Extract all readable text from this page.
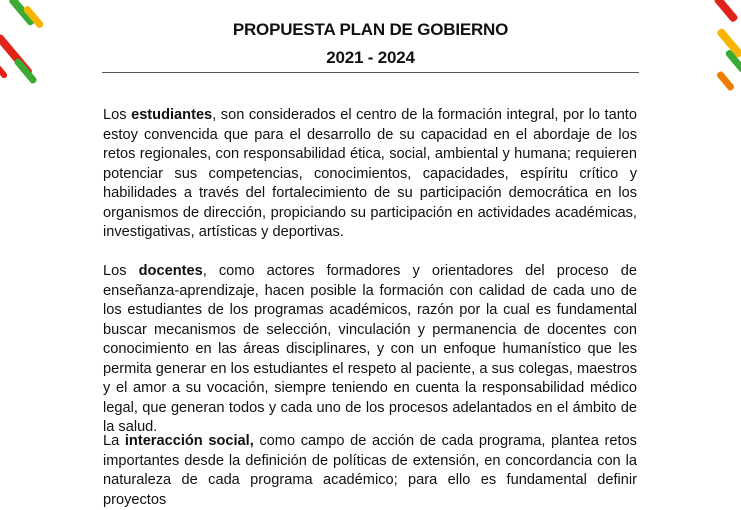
PROPUESTA PLAN DE GOBIERNO
2021 - 2024

Los estudiantes, son considerados el centro de la formación integral, por lo tanto estoy convencida que para el desarrollo de su capacidad en el abordaje de los retos regionales, con responsabilidad ética, social, ambiental y humana; requieren potenciar sus competencias, conocimientos, capacidades, espíritu crítico y habilidades a través del fortalecimiento de su participación democrática en los organismos de dirección, propiciando su participación en actividades académicas, investigativas, artísticas y deportivas.

Los docentes, como actores formadores y orientadores del proceso de enseñanza-aprendizaje, hacen posible la formación con calidad de cada uno de los estudiantes de los programas académicos, razón por la cual es fundamental buscar mecanismos de selección, vinculación y permanencia de docentes con conocimiento en las áreas disciplinares, y con un enfoque humanístico que les permita generar en los estudiantes el respeto al paciente, a sus colegas, maestros y el amor a su vocación, siempre teniendo en cuenta la responsabilidad médico legal, que generan todos y cada uno de los procesos adelantados en el ámbito de la salud.

La interacción social, como campo de acción de cada programa, plantea retos importantes desde la definición de políticas de extensión, en concordancia con la naturaleza de cada programa académico; para ello es fundamental definir proyectos
